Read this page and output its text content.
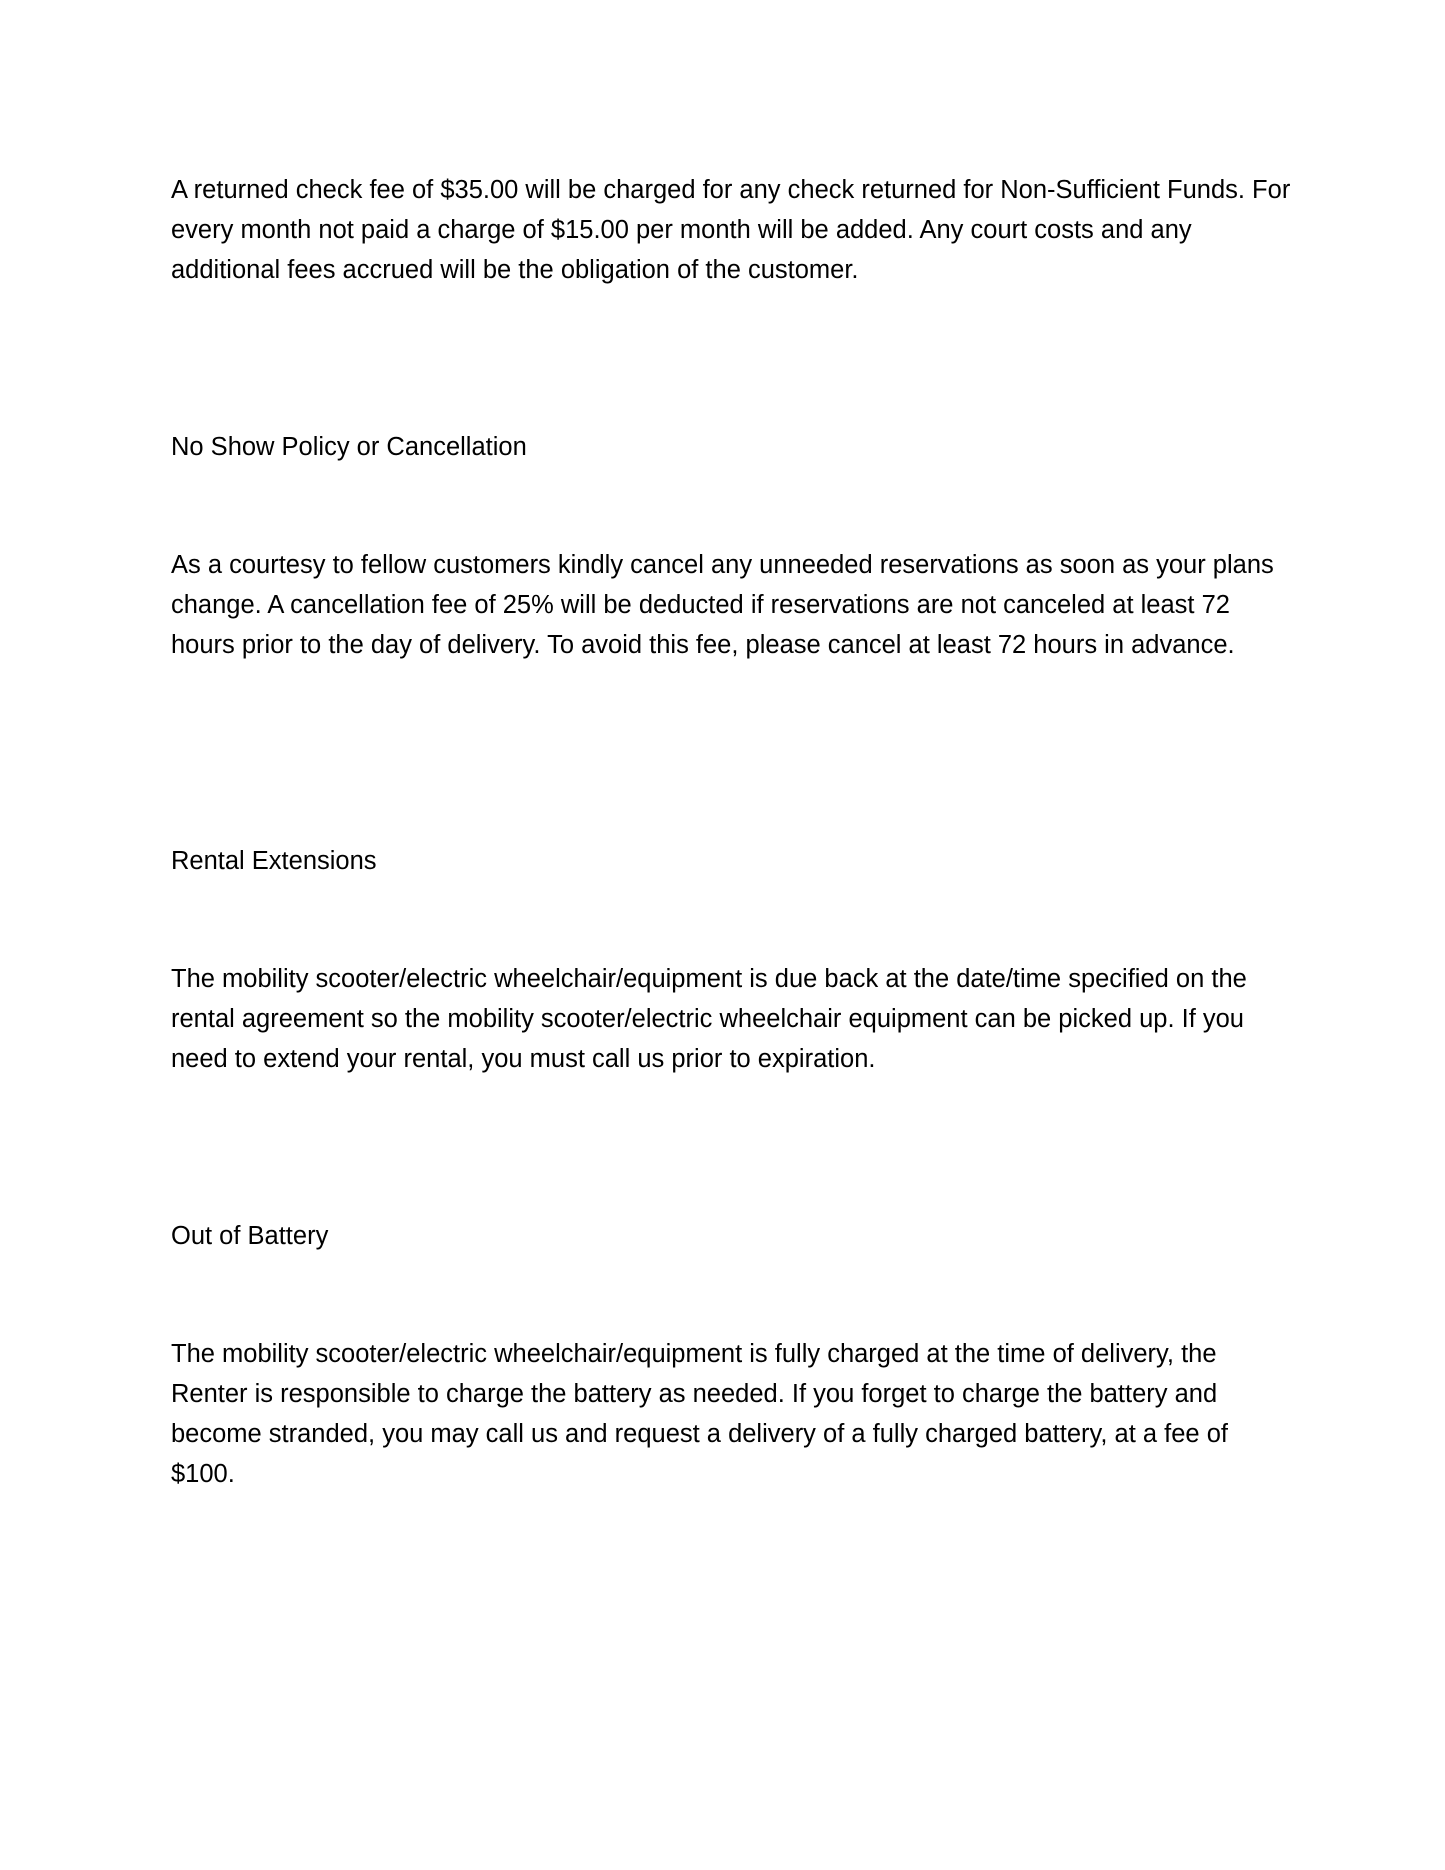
A returned check fee of $35.00 will be charged for any check returned for Non-Sufficient Funds. For every month not paid a charge of $15.00 per month will be added. Any court costs and any additional fees accrued will be the obligation of the customer.

No Show Policy or Cancellation

As a courtesy to fellow customers kindly cancel any unneeded reservations as soon as your plans change. A cancellation fee of 25% will be deducted if reservations are not canceled at least 72 hours prior to the day of delivery. To avoid this fee, please cancel at least 72 hours in advance.

Rental Extensions

The mobility scooter/electric wheelchair/equipment is due back at the date/time specified on the rental agreement so the mobility scooter/electric wheelchair equipment can be picked up. If you need to extend your rental, you must call us prior to expiration.

Out of Battery

The mobility scooter/electric wheelchair/equipment is fully charged at the time of delivery, the Renter is responsible to charge the battery as needed. If you forget to charge the battery and become stranded, you may call us and request a delivery of a fully charged battery, at a fee of $100.
